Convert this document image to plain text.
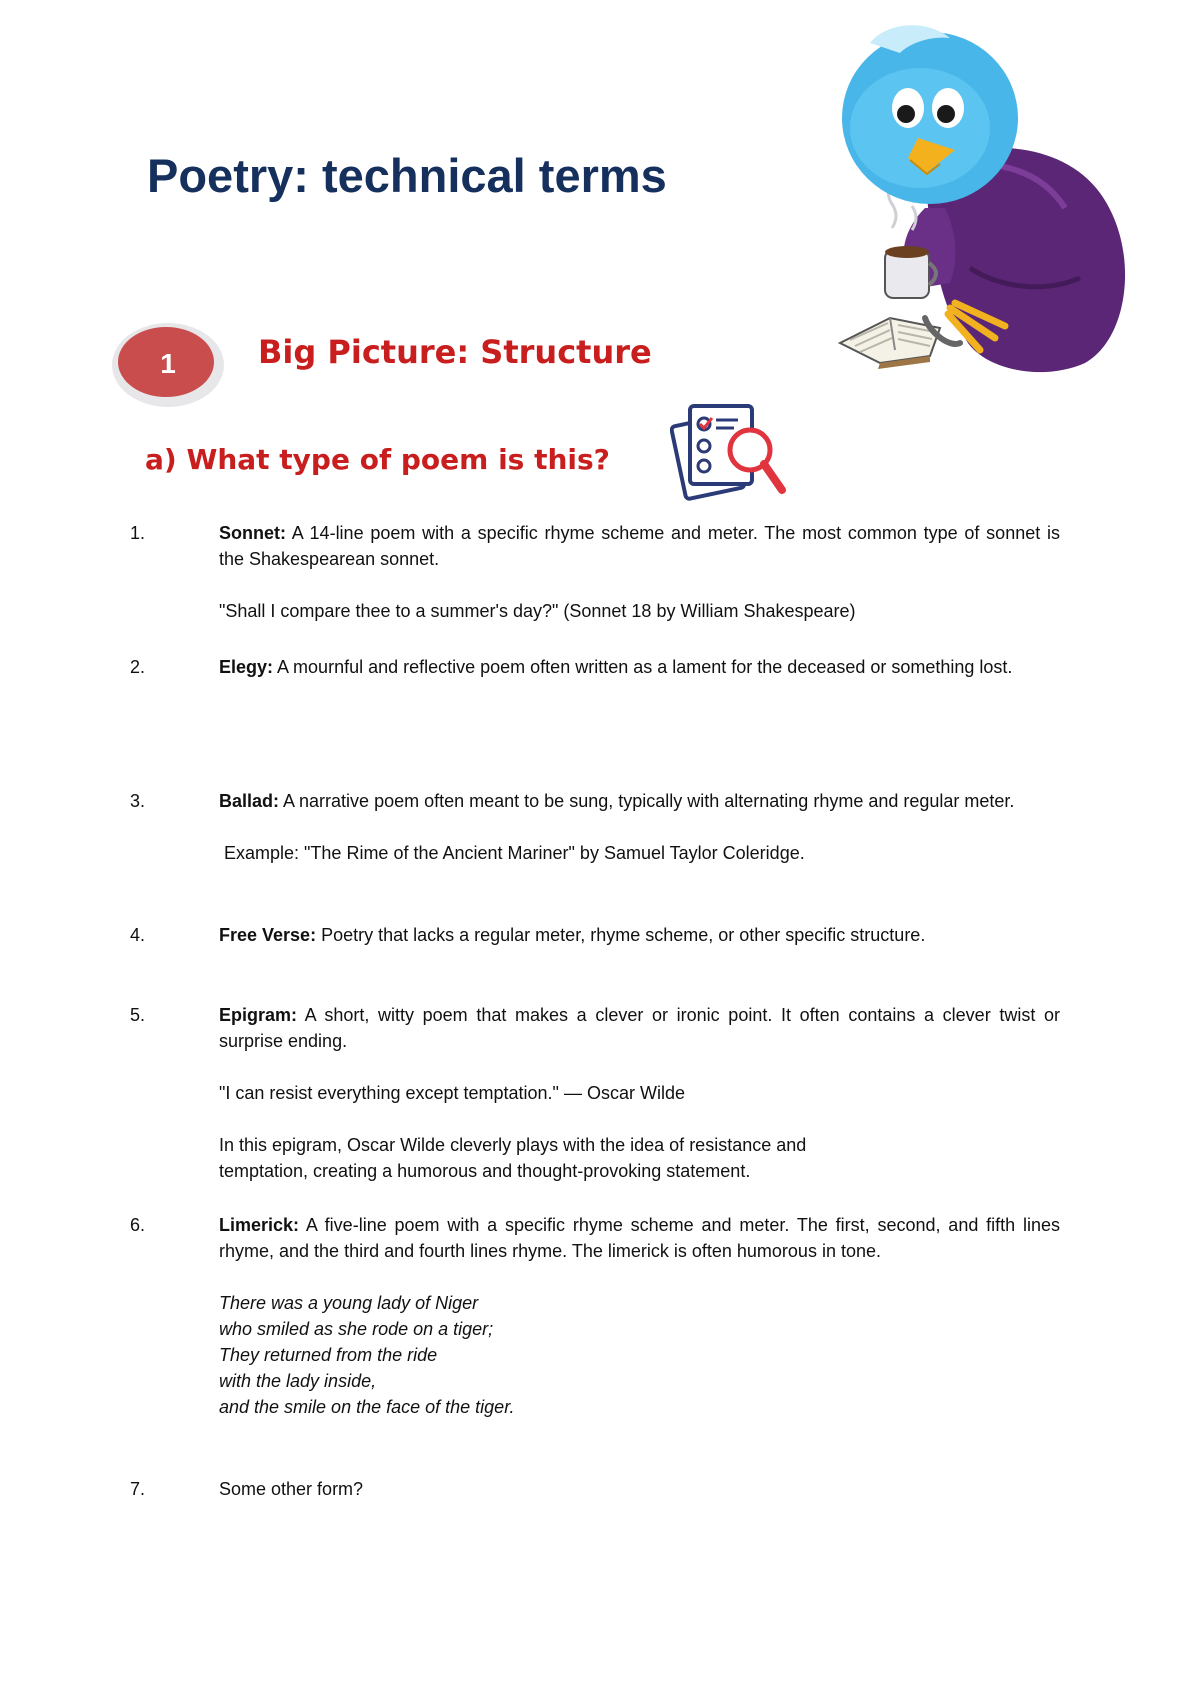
Poetry: technical terms
1	Big Picture: Structure
a) What type of poem is this?
1.	Sonnet: A 14-line poem with a specific rhyme scheme and meter. The most common type of sonnet is the Shakespearean sonnet.

"Shall I compare thee to a summer's day?" (Sonnet 18 by William Shakespeare)

2.	Elegy: A mournful and reflective poem often written as a lament for the deceased or something lost.

3.	Ballad: A narrative poem often meant to be sung, typically with alternating rhyme and regular meter.

Example: "The Rime of the Ancient Mariner" by Samuel Taylor Coleridge.

4.	Free Verse: Poetry that lacks a regular meter, rhyme scheme, or other specific structure.

5.	Epigram: A short, witty poem that makes a clever or ironic point. It often contains a clever twist or surprise ending.

"I can resist everything except temptation." — Oscar Wilde

In this epigram, Oscar Wilde cleverly plays with the idea of resistance and
temptation, creating a humorous and thought-provoking statement.

6.	Limerick: A five-line poem with a specific rhyme scheme and meter. The first, second, and fifth lines rhyme, and the third and fourth lines rhyme. The limerick is often humorous in tone.

There was a young lady of Niger
who smiled as she rode on a tiger;
They returned from the ride
with the lady inside,
and the smile on the face of the tiger.

7.	Some other form?
